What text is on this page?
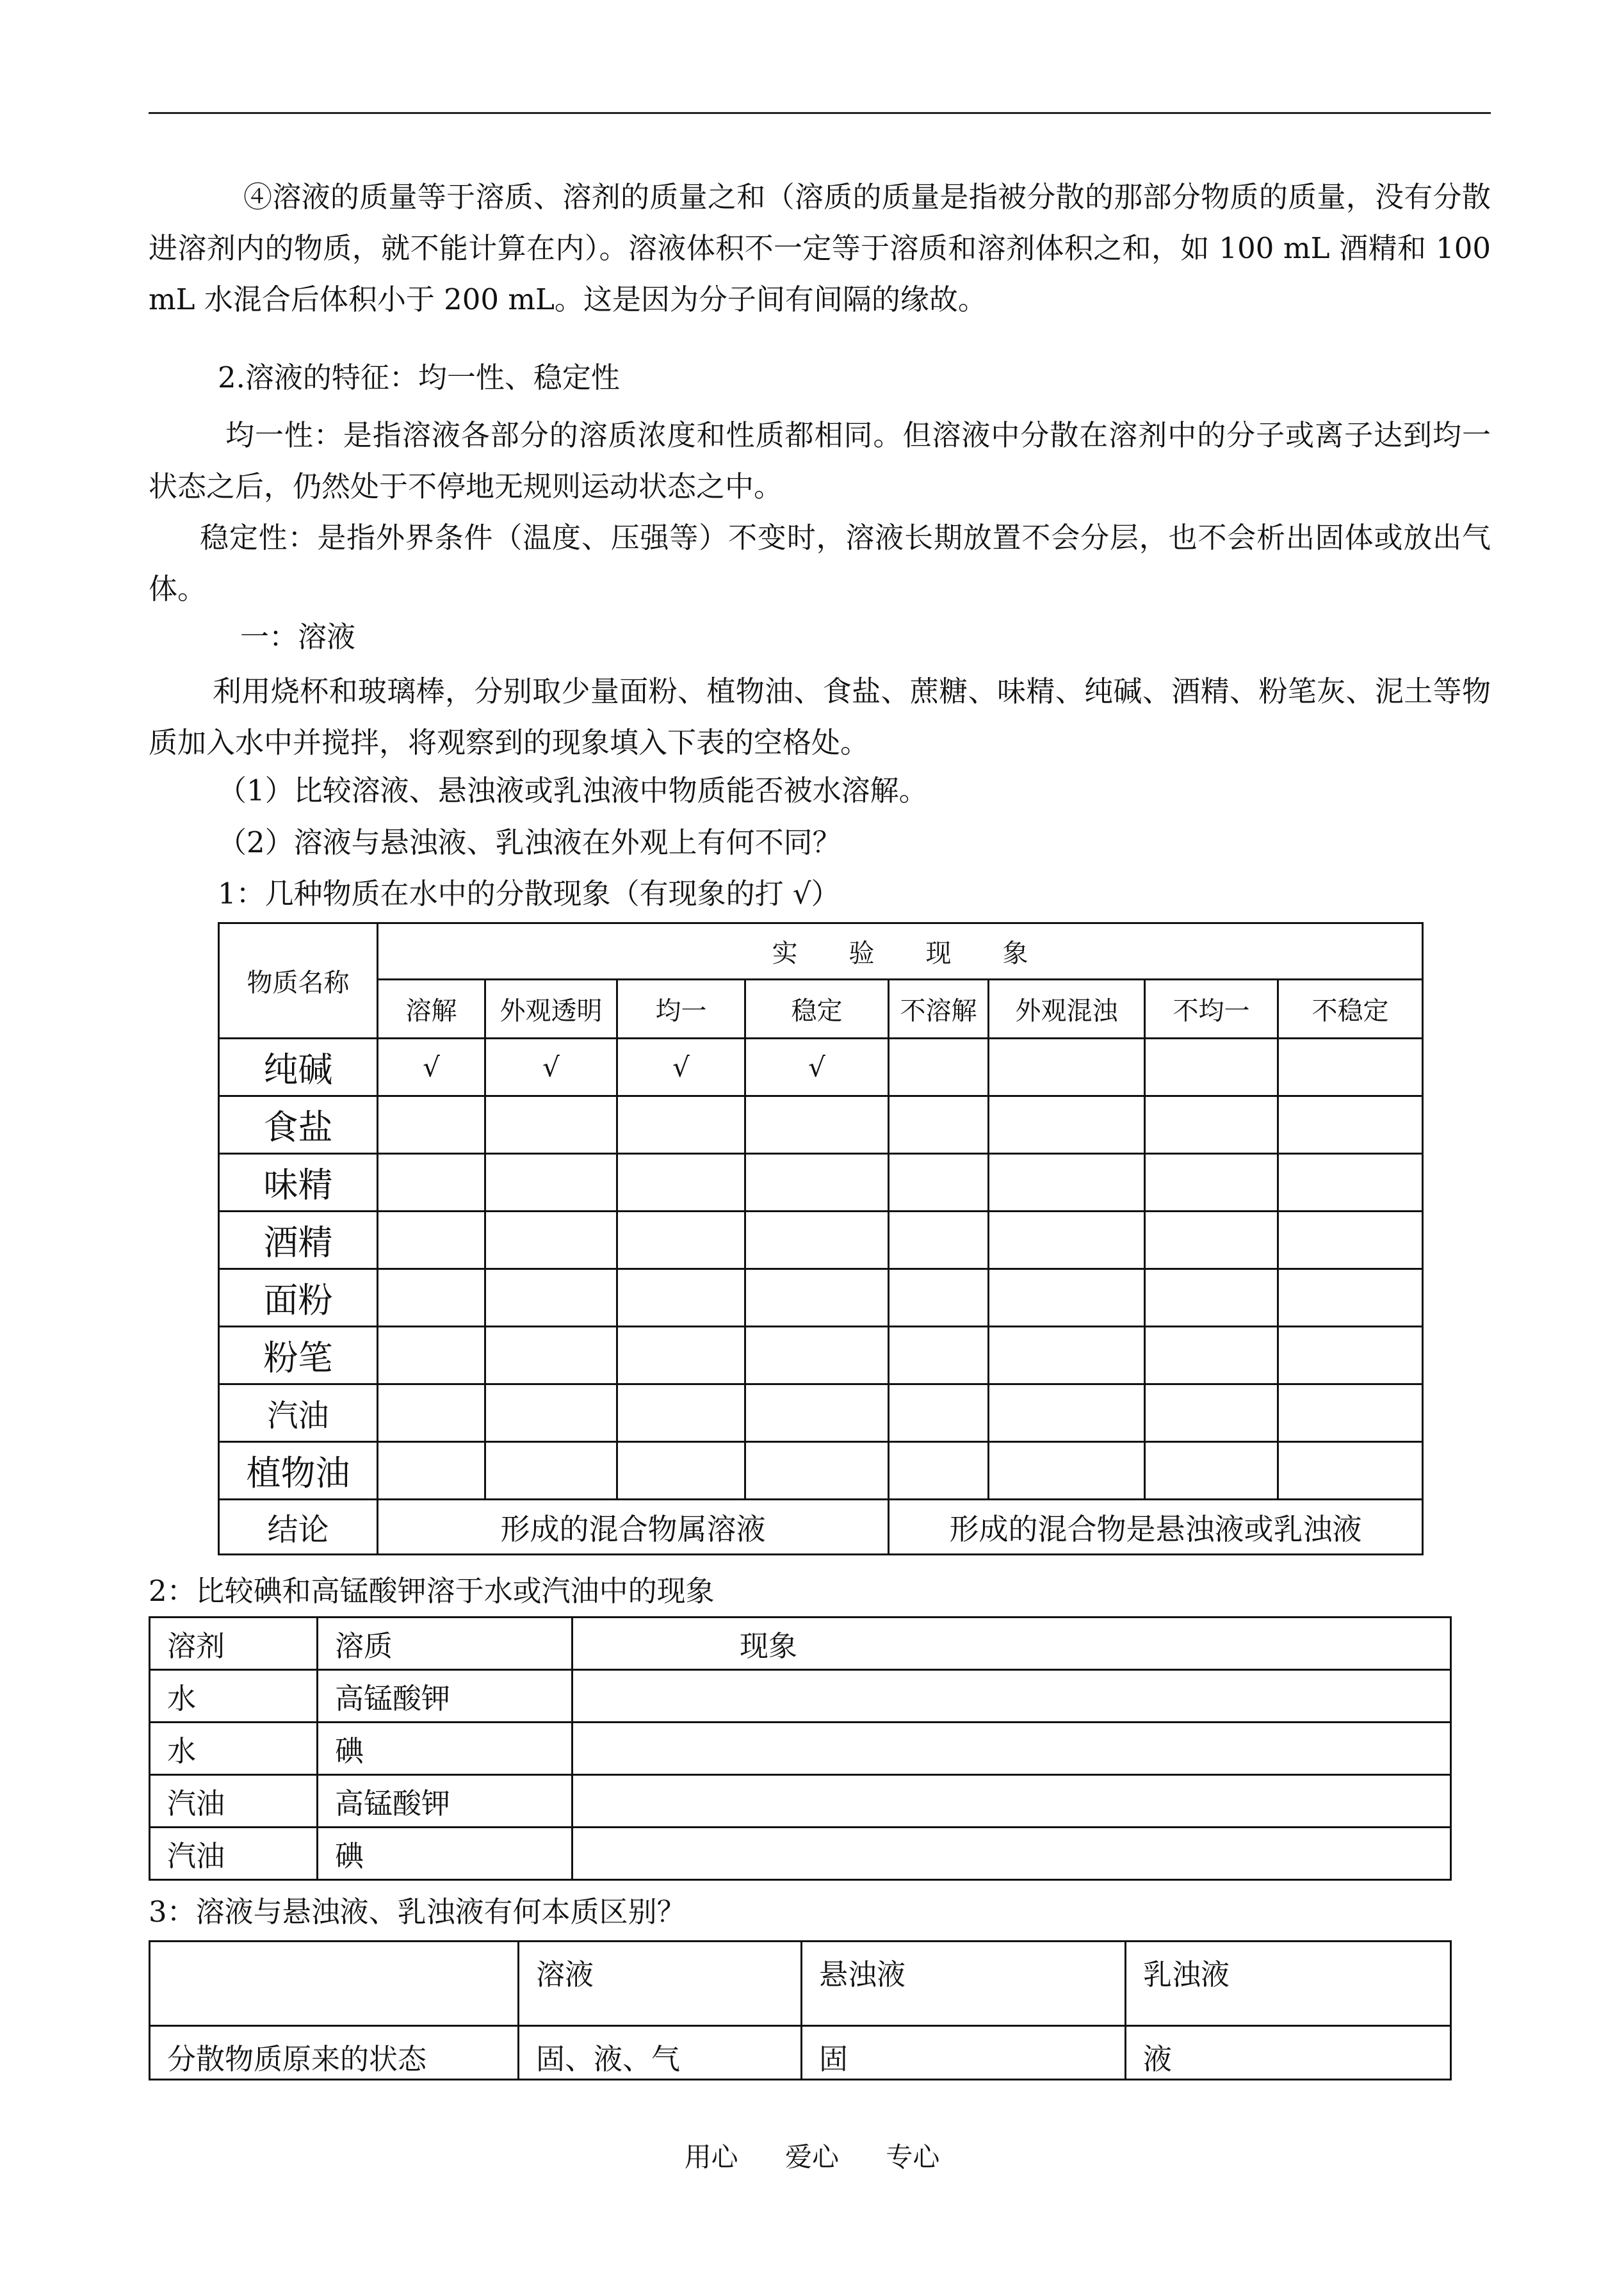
④溶液的质量等于溶质、溶剂的质量之和（溶质的质量是指被分散的那部分物质的质量，没有分散进溶剂内的物质，就不能计算在内）。溶液体积不一定等于溶质和溶剂体积之和，如 100 mL 酒精和 100 mL 水混合后体积小于 200 mL。这是因为分子间有间隔的缘故。
2.溶液的特征：均一性、稳定性
均一性：是指溶液各部分的溶质浓度和性质都相同。但溶液中分散在溶剂中的分子或离子达到均一状态之后，仍然处于不停地无规则运动状态之中。
稳定性：是指外界条件（温度、压强等）不变时，溶液长期放置不会分层，也不会析出固体或放出气体。
一：溶液
利用烧杯和玻璃棒，分别取少量面粉、植物油、食盐、蔗糖、味精、纯碱、酒精、粉笔灰、泥土等物质加入水中并搅拌，将观察到的现象填入下表的空格处。
（1）比较溶液、悬浊液或乳浊液中物质能否被水溶解。
（2）溶液与悬浊液、乳浊液在外观上有何不同？
1：几种物质在水中的分散现象（有现象的打 √）
物质名称	实　　验　　现　　象							
	溶解	外观透明	均一	稳定	不溶解	外观混浊	不均一	不稳定
纯碱	√	√	√	√				
食盐								
味精								
酒精								
面粉								
粉笔								
汽油								
植物油								
结论	形成的混合物属溶液				形成的混合物是悬浊液或乳浊液			
2：比较碘和高锰酸钾溶于水或汽油中的现象
溶剂	溶质	现象
水	高锰酸钾	
水	碘	
汽油	高锰酸钾	
汽油	碘	
3：溶液与悬浊液、乳浊液有何本质区别？
	溶液	悬浊液	乳浊液
分散物质原来的状态	固、液、气	固	液
用心 爱心 专心
